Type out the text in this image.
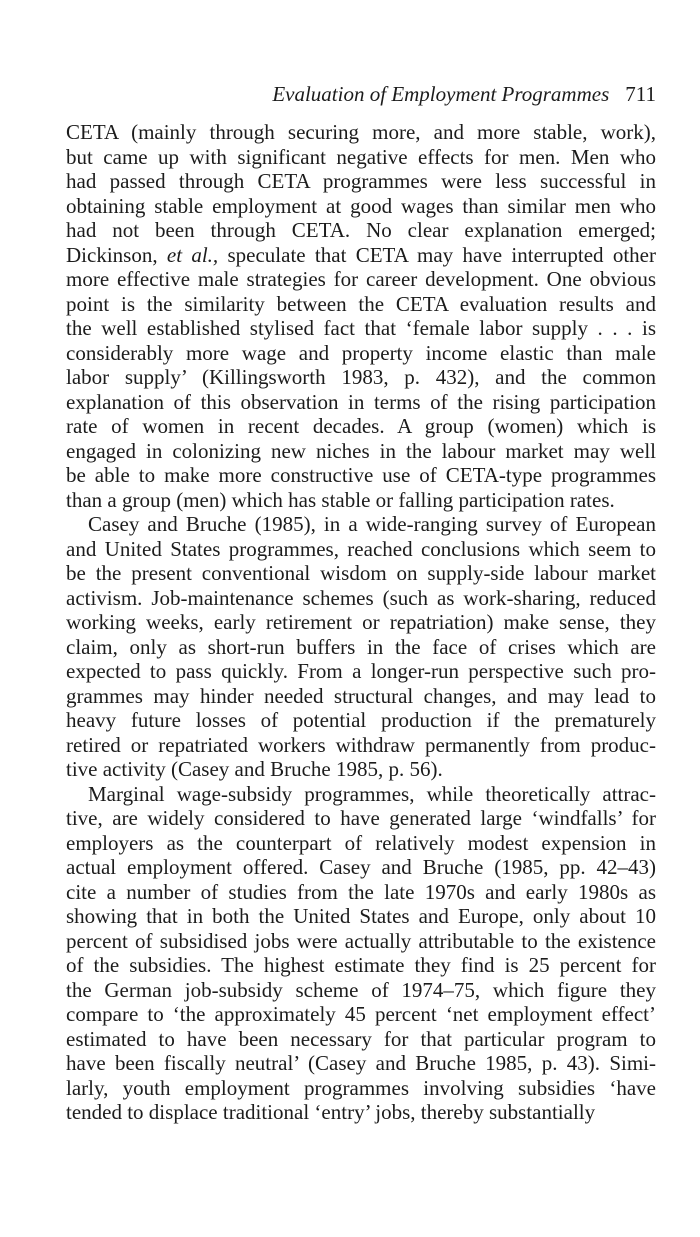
Evaluation of Employment Programmes 711
CETA (mainly through securing more, and more stable, work),
but came up with significant negative effects for men. Men who
had passed through CETA programmes were less successful in
obtaining stable employment at good wages than similar men who
had not been through CETA. No clear explanation emerged;
Dickinson, et al., speculate that CETA may have interrupted other
more effective male strategies for career development. One obvious
point is the similarity between the CETA evaluation results and
the well established stylised fact that ‘female labor supply . . . is
considerably more wage and property income elastic than male
labor supply’ (Killingsworth 1983, p. 432), and the common
explanation of this observation in terms of the rising participation
rate of women in recent decades. A group (women) which is
engaged in colonizing new niches in the labour market may well
be able to make more constructive use of CETA-type programmes
than a group (men) which has stable or falling participation rates.
Casey and Bruche (1985), in a wide-ranging survey of European
and United States programmes, reached conclusions which seem to
be the present conventional wisdom on supply-side labour market
activism. Job-maintenance schemes (such as work-sharing, reduced
working weeks, early retirement or repatriation) make sense, they
claim, only as short-run buffers in the face of crises which are
expected to pass quickly. From a longer-run perspective such pro-
grammes may hinder needed structural changes, and may lead to
heavy future losses of potential production if the prematurely
retired or repatriated workers withdraw permanently from produc-
tive activity (Casey and Bruche 1985, p. 56).
Marginal wage-subsidy programmes, while theoretically attrac-
tive, are widely considered to have generated large ‘windfalls’ for
employers as the counterpart of relatively modest expension in
actual employment offered. Casey and Bruche (1985, pp. 42–43)
cite a number of studies from the late 1970s and early 1980s as
showing that in both the United States and Europe, only about 10
percent of subsidised jobs were actually attributable to the existence
of the subsidies. The highest estimate they find is 25 percent for
the German job-subsidy scheme of 1974–75, which figure they
compare to ‘the approximately 45 percent ‘net employment effect’
estimated to have been necessary for that particular program to
have been fiscally neutral’ (Casey and Bruche 1985, p. 43). Simi-
larly, youth employment programmes involving subsidies ‘have
tended to displace traditional ‘entry’ jobs, thereby substantially
